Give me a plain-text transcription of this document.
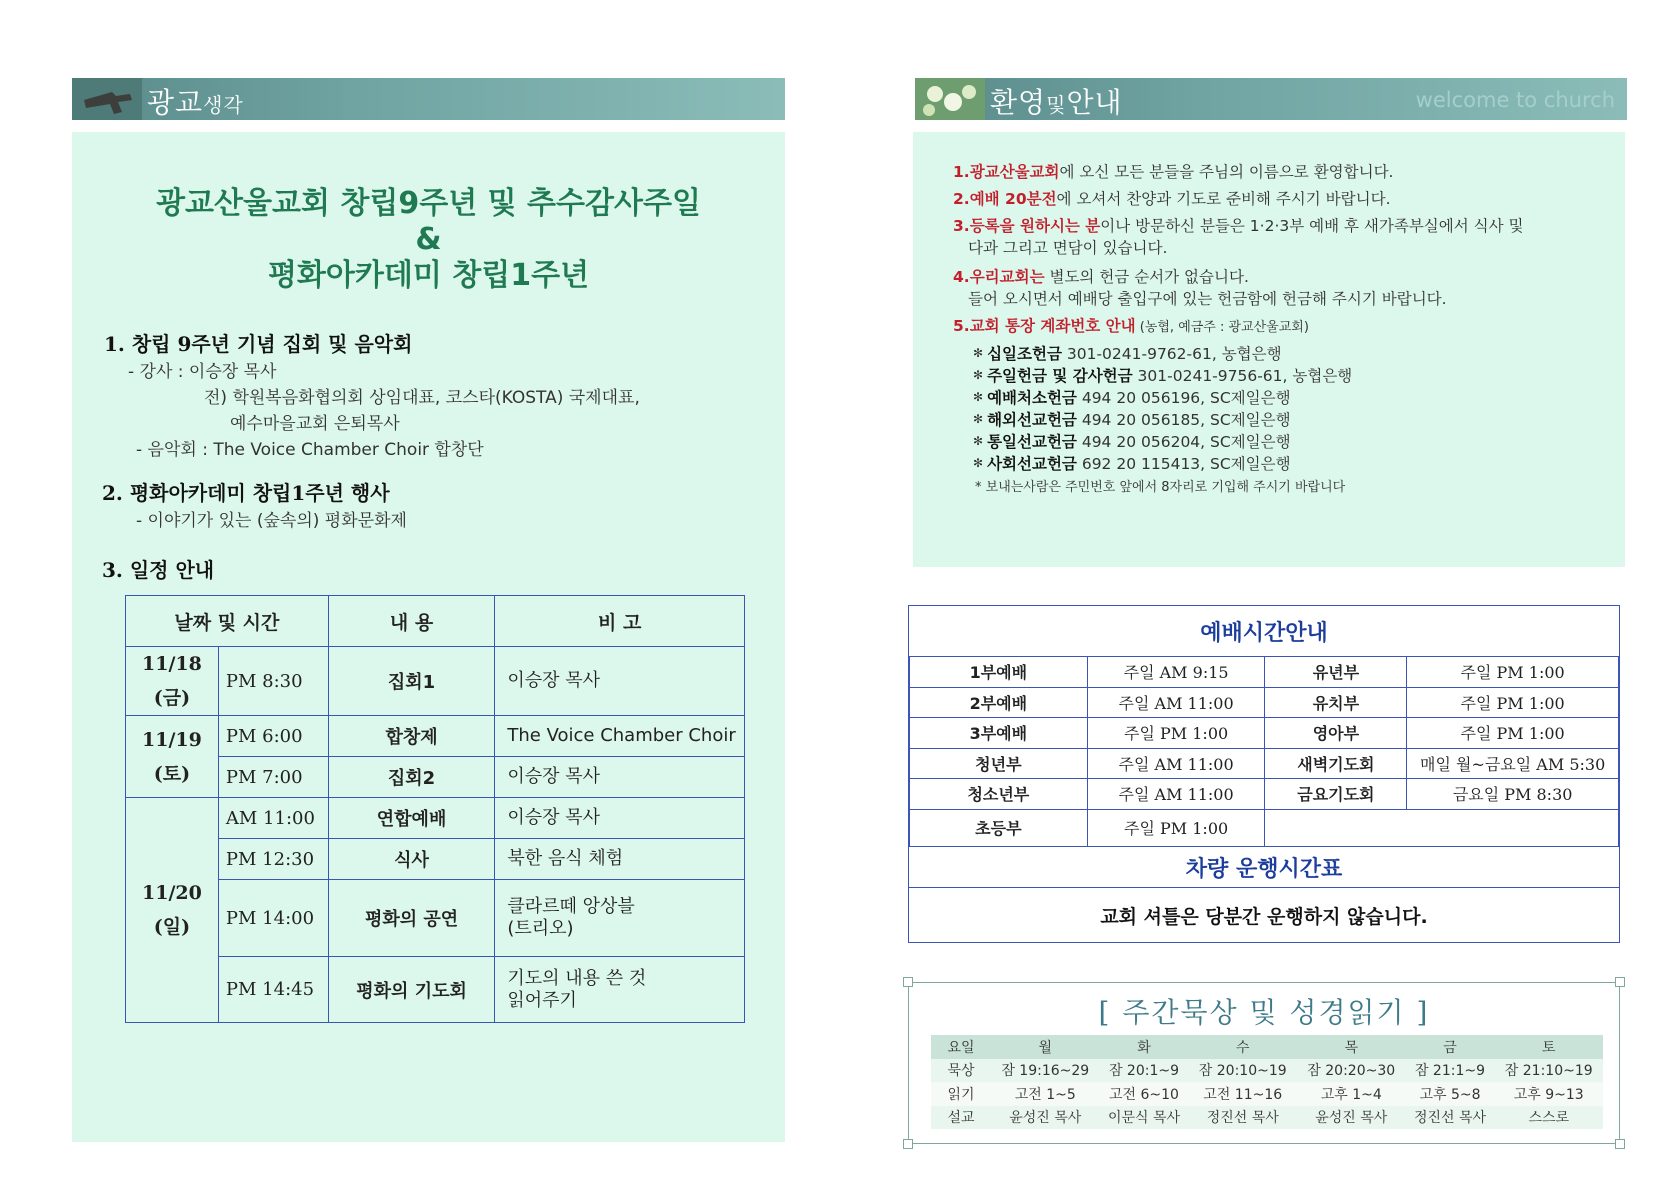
광교생각
광교산울교회 창립9주년 및 추수감사주일
&
평화아카데미 창립1주년
1. 창립 9주년 기념 집회 및 음악회
- 강사 : 이승장 목사
전) 학원복음화협의회 상임대표, 코스타(KOSTA) 국제대표,
예수마을교회 은퇴목사
- 음악회 : The Voice Chamber Choir 합창단
2. 평화아카데미 창립1주년 행사
- 이야기가 있는 (숲속의) 평화문화제
3. 일정 안내
날짜 및 시간		내 용	비 고
11/18
(금)	PM 8:30	집회1	이승장 목사
11/19
(토)	PM 6:00	합창제	The Voice Chamber Choir
	PM 7:00	집회2	이승장 목사
11/20
(일)	AM 11:00	연합예배	이승장 목사
	PM 12:30	식사	북한 음식 체험
	PM 14:00	평화의 공연	클라르떼 앙상블
(트리오)
	PM 14:45	평화의 기도회	기도의 내용 쓴 것
읽어주기
환영및안내	welcome to church
1.광교산울교회에 오신 모든 분들을 주님의 이름으로 환영합니다.
2.예배 20분전에 오셔서 찬양과 기도로 준비해 주시기 바랍니다.
3.등록을 원하시는 분이나 방문하신 분들은 1·2·3부 예배 후 새가족부실에서 식사 및
다과 그리고 면담이 있습니다.
4.우리교회는 별도의 헌금 순서가 없습니다.
들어 오시면서 예배당 출입구에 있는 헌금함에 헌금해 주시기 바랍니다.
5.교회 통장 계좌번호 안내 (농협, 예금주 : 광교산울교회)
✻ 십일조헌금 301-0241-9762-61, 농협은행
✻ 주일헌금 및 감사헌금 301-0241-9756-61, 농협은행
✻ 예배처소헌금 494 20 056196, SC제일은행
✻ 해외선교헌금 494 20 056185, SC제일은행
✻ 통일선교헌금 494 20 056204, SC제일은행
✻ 사회선교헌금 692 20 115413, SC제일은행
* 보내는사람은 주민번호 앞에서 8자리로 기입해 주시기 바랍니다
예배시간안내
1부예배	주일 AM 9:15	유년부	주일 PM 1:00
2부예배	주일 AM 11:00	유치부	주일 PM 1:00
3부예배	주일 PM 1:00	영아부	주일 PM 1:00
청년부	주일 AM 11:00	새벽기도회	매일 월~금요일 AM 5:30
청소년부	주일 AM 11:00	금요기도회	금요일 PM 8:30
초등부	주일 PM 1:00		
차량 운행시간표
교회 셔틀은 당분간 운행하지 않습니다.
[ 주간묵상 및 성경읽기 ]
요일	월	화	수	목	금	토
묵상	잠 19:16~29	잠 20:1~9	잠 20:10~19	잠 20:20~30	잠 21:1~9	잠 21:10~19
읽기	고전 1~5	고전 6~10	고전 11~16	고후 1~4	고후 5~8	고후 9~13
설교	윤성진 목사	이문식 목사	정진선 목사	윤성진 목사	정진선 목사	스스로
